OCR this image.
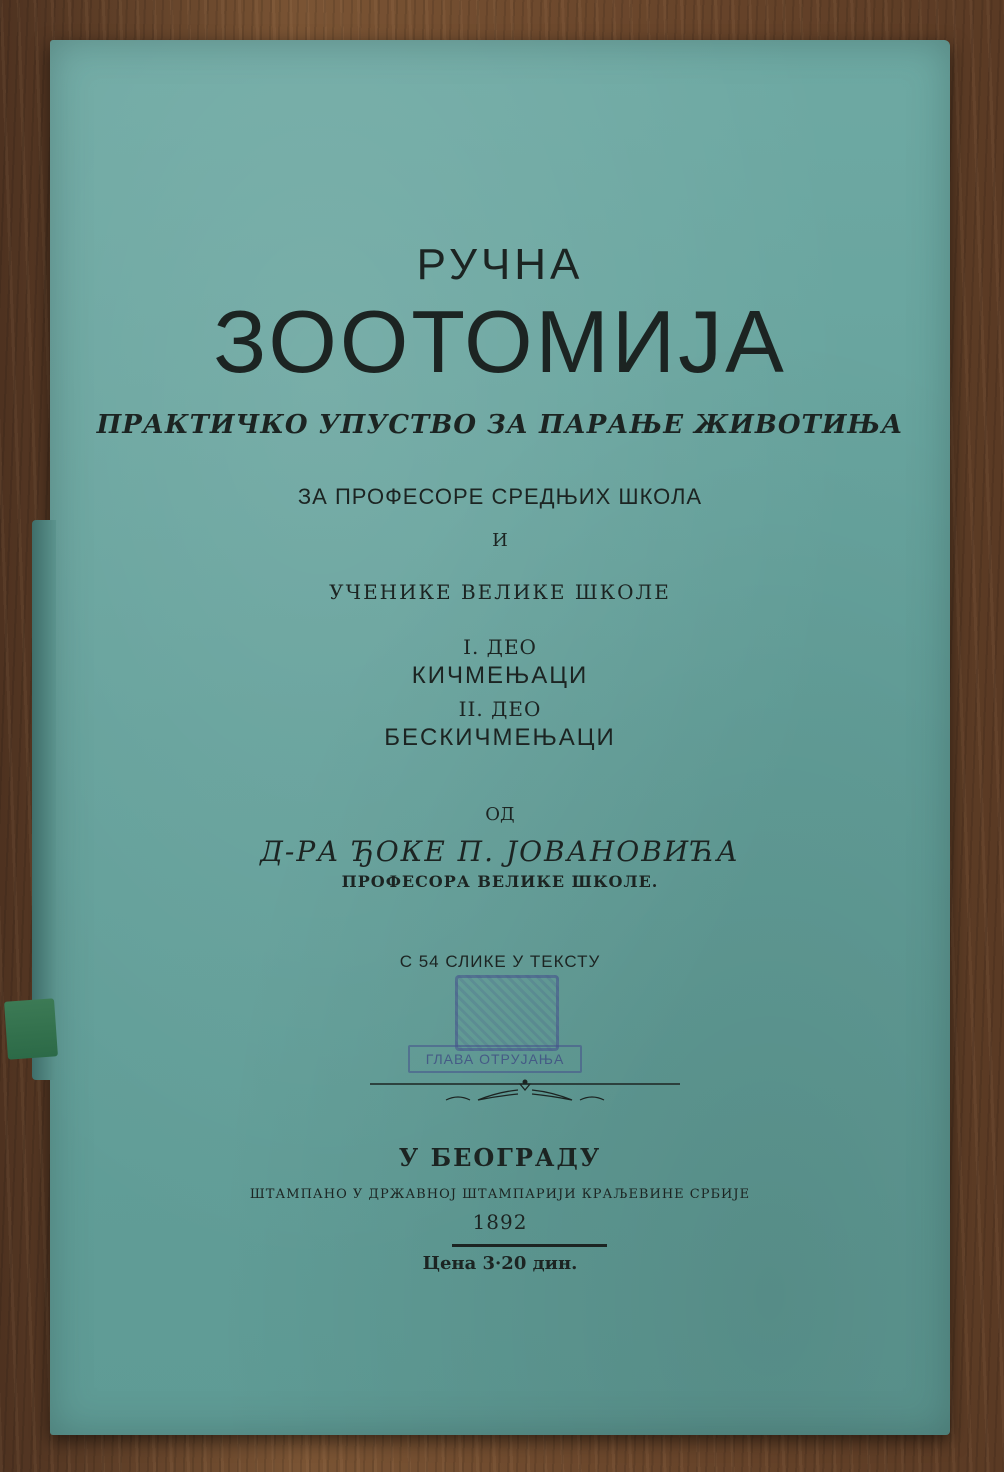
РУЧНА
ЗООТОМИЈА
ПРАКТИЧКО УПУСТВО ЗА ПАРАЊЕ ЖИВОТИЊА
ЗА ПРОФЕСОРЕ СРЕДЊИХ ШКОЛА
И
УЧЕНИКЕ ВЕЛИКЕ ШКОЛЕ
I. ДЕО
КИЧМЕЊАЦИ
II. ДЕО
БЕСКИЧМЕЊАЦИ
ОД
Д-РА ЂОКЕ П. ЈОВАНОВИЋА
ПРОФЕСОРА ВЕЛИКЕ ШКОЛЕ.
С 54 СЛИКЕ У ТЕКСТУ
ГЛАВА ОТРУЈАЊА
У БЕОГРАДУ
ШТАМПАНО У ДРЖАВНОЈ ШТАМПАРИЈИ КРАЉЕВИНЕ СРБИЈЕ
1892
Цена 3·20 дин.
